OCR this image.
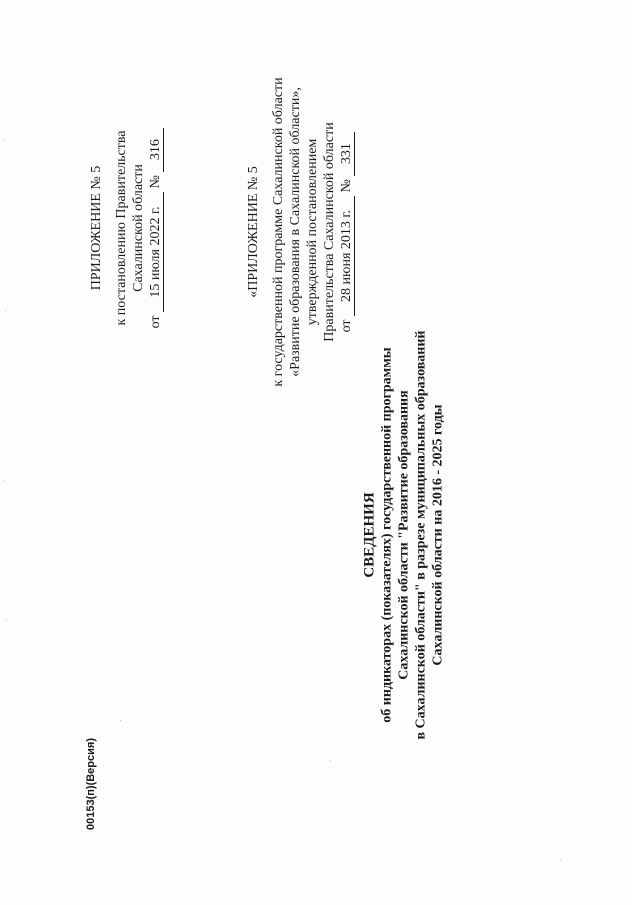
ПРИЛОЖЕНИЕ № 5 к постановлению Правительства Сахалинской области
от 15 июля 2022 г. № 316
«ПРИЛОЖЕНИЕ № 5 к государственной программе Сахалинской области «Развитие образования в Сахалинской области», утвержденной постановлением Правительства Сахалинской области от 28 июня 2013 г. № 331
СВЕДЕНИЯ об индикаторах (показателях) государственной программы Сахалинской области "Развитие образования в Сахалинской области" в разрезе муниципальных образований Сахалинской области на 2016 - 2025 годы
00153(п)(Версия)
